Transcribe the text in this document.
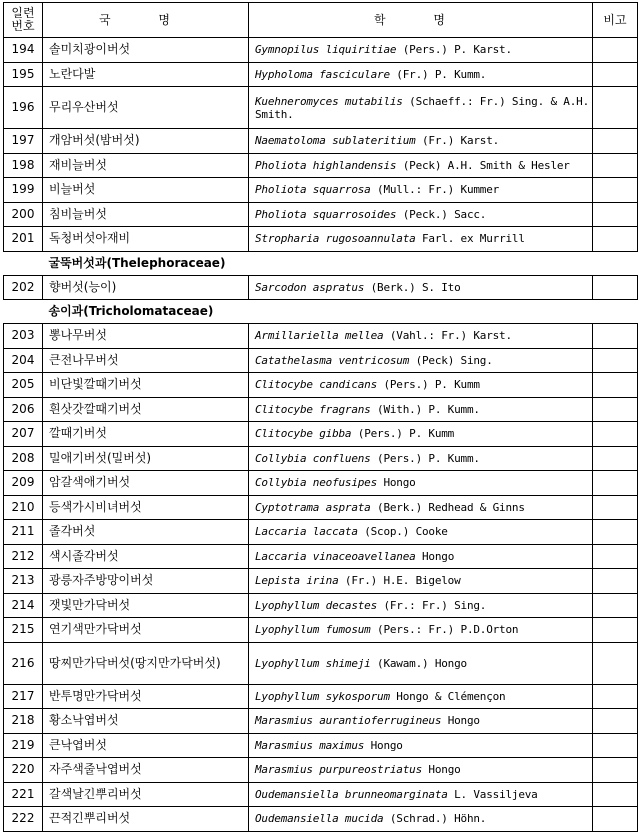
일련
번호	국 명	학 명	비고
194	솔미치광이버섯	Gymnopilus liquiritiae (Pers.) P. Karst.	
195	노란다발	Hypholoma fasciculare (Fr.) P. Kumm.	
196	무리우산버섯	Kuehneromyces mutabilis (Schaeff.: Fr.) Sing. & A.H. Smith.	
197	개암버섯(밤버섯)	Naematoloma sublateritium (Fr.) Karst.	
198	재비늘버섯	Pholiota highlandensis (Peck) A.H. Smith & Hesler	
199	비늘버섯	Pholiota squarrosa (Mull.: Fr.) Kummer	
200	침비늘버섯	Pholiota squarrosoides (Peck.) Sacc.	
201	독청버섯아재비	Stropharia rugosoannulata Farl. ex Murrill	
	굴뚝버섯과(Thelephoraceae)		
202	향버섯(능이)	Sarcodon aspratus (Berk.) S. Ito	
	송이과(Tricholomataceae)		
203	뽕나무버섯	Armillariella mellea (Vahl.: Fr.) Karst.	
204	큰전나무버섯	Catathelasma ventricosum (Peck) Sing.	
205	비단빛깔때기버섯	Clitocybe candicans (Pers.) P. Kumm	
206	흰삿갓깔때기버섯	Clitocybe fragrans (With.) P. Kumm.	
207	깔때기버섯	Clitocybe gibba (Pers.) P. Kumm	
208	밀애기버섯(밀버섯)	Collybia confluens (Pers.) P. Kumm.	
209	암갈색애기버섯	Collybia neofusipes Hongo	
210	등색가시비녀버섯	Cyptotrama asprata (Berk.) Redhead & Ginns	
211	졸각버섯	Laccaria laccata (Scop.) Cooke	
212	색시졸각버섯	Laccaria vinaceoavellanea Hongo	
213	광릉자주방망이버섯	Lepista irina (Fr.) H.E. Bigelow	
214	잿빛만가닥버섯	Lyophyllum decastes (Fr.: Fr.) Sing.	
215	연기색만가닥버섯	Lyophyllum fumosum (Pers.: Fr.) P.D.Orton	
216	땅찌만가닥버섯(땅지만가닥버섯)	Lyophyllum shimeji (Kawam.) Hongo	
217	반투명만가닥버섯	Lyophyllum sykosporum Hongo & Clémençon	
218	황소낙엽버섯	Marasmius aurantioferrugineus Hongo	
219	큰낙엽버섯	Marasmius maximus Hongo	
220	자주색줄낙엽버섯	Marasmius purpureostriatus Hongo	
221	갈색날긴뿌리버섯	Oudemansiella brunneomarginata L. Vassiljeva	
222	끈적긴뿌리버섯	Oudemansiella mucida (Schrad.) Höhn.	
